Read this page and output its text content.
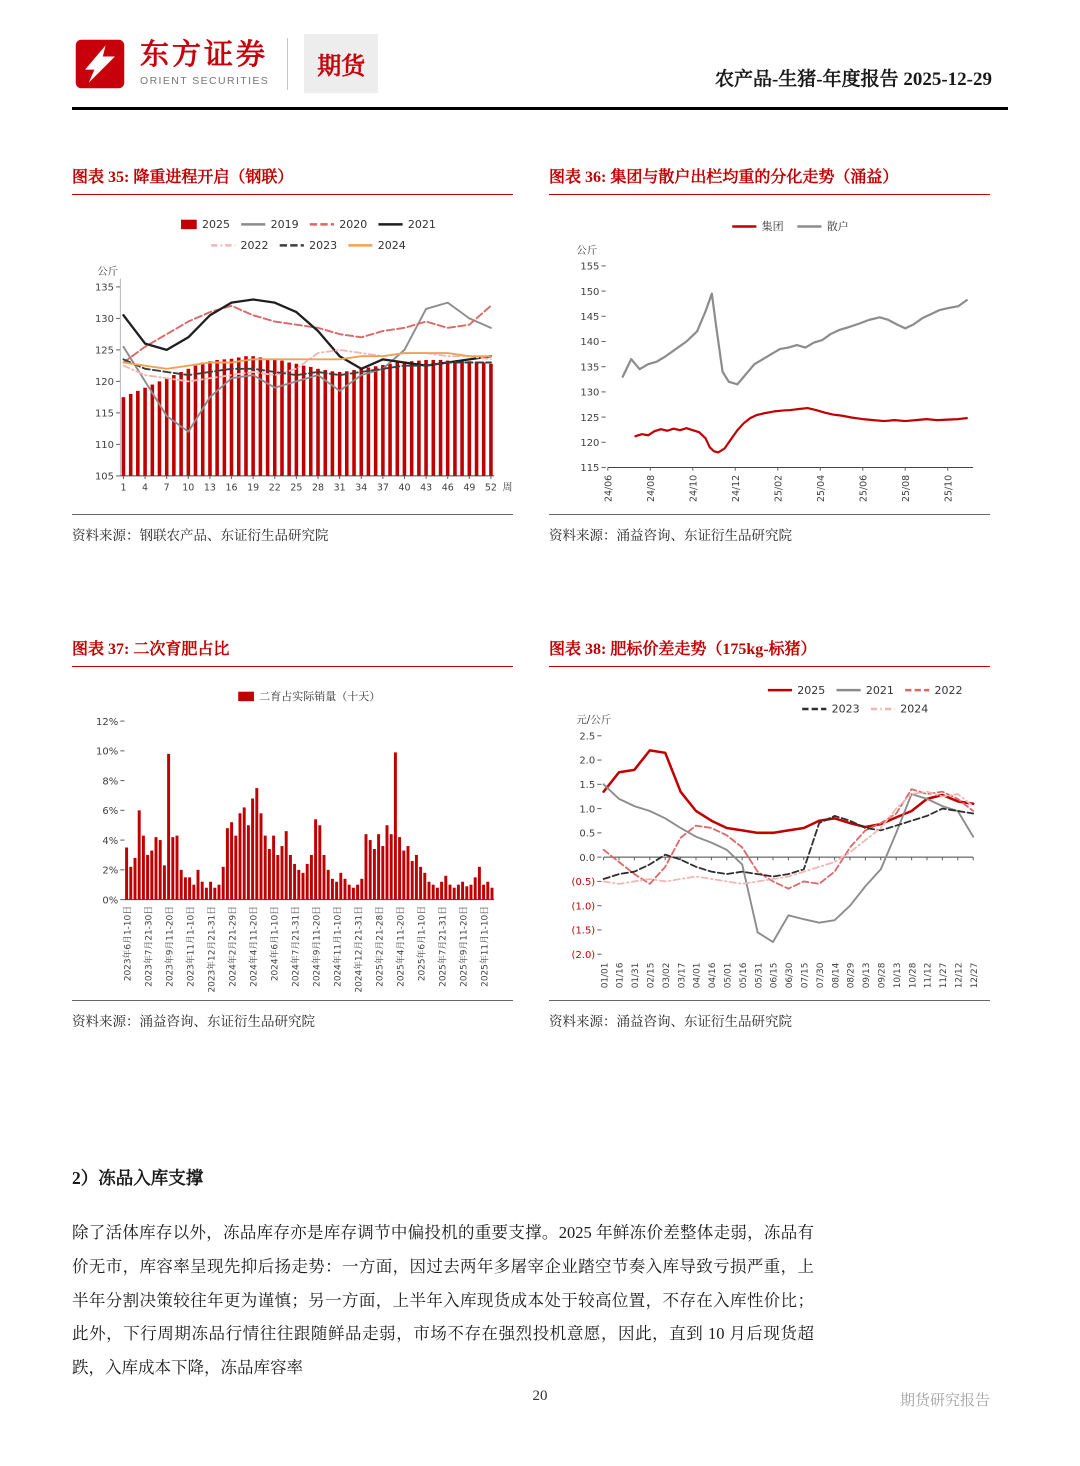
东方证券
ORIENT SECURITIES
期货	农产品-生猪-年度报告 2025-12-29
图表 35: 降重进程开启（钢联）
2025	2019	2020	2021
2022	2023	2024
公斤
105
110
115
120
125
130
135
1 4 7 10 13 16 19 22 25 28 31 34 37 40 43 46 49 52 周
资料来源：钢联农产品、东证衍生品研究院
图表 36: 集团与散户出栏均重的分化走势（涌益）
集团	散户
公斤
115
120
125
130
135
140
145
150
155
24/06	24/08	24/10	24/12	25/02	25/04	25/06	25/08	25/10
资料来源：涌益咨询、东证衍生品研究院
图表 37: 二次育肥占比
二育占实际销量（十天）
0%
2%
4%
6%
8%
10%
12%
2023年6月1-10日 2023年7月21-30日 2023年9月11-20日 2023年11月1-10日 2023年12月21-31日 2024年2月21-29日 2024年4月11-20日 2024年6月1-10日 2024年7月21-31日 2024年9月11-20日 2024年11月1-10日 2024年12月21-31日 2025年2月21-28日 2025年4月11-20日 2025年6月1-10日 2025年7月21-31日 2025年9月11-20日 2025年11月1-10日
资料来源：涌益咨询、东证衍生品研究院
图表 38: 肥标价差走势（175kg-标猪）
2025	2021	2022
2023	2024
元/公斤
2.5
2.0
1.5
1.0
0.5
0.0
(0.5)
(1.0)
(1.5)
(2.0)
01/01 01/16 01/31 02/15 03/02 03/17 04/01 04/16 05/01 05/16 05/31 06/15 06/30 07/15 07/30 08/14 08/29 09/13 09/28 10/13 10/28 11/12 11/27 12/12 12/27
资料来源：涌益咨询、东证衍生品研究院
2）冻品入库支撑

除了活体库存以外，冻品库存亦是库存调节中偏投机的重要支撑。2025 年鲜冻价差整体走弱，冻品有价无市，库容率呈现先抑后扬走势：一方面，因过去两年多屠宰企业踏空节奏入库导致亏损严重，上半年分割决策较往年更为谨慎；另一方面，上半年入库现货成本处于较高位置，不存在入库性价比；此外，下行周期冻品行情往往跟随鲜品走弱，市场不存在强烈投机意愿，因此，直到 10 月后现货超跌，入库成本下降，冻品库容率

20	期货研究报告
